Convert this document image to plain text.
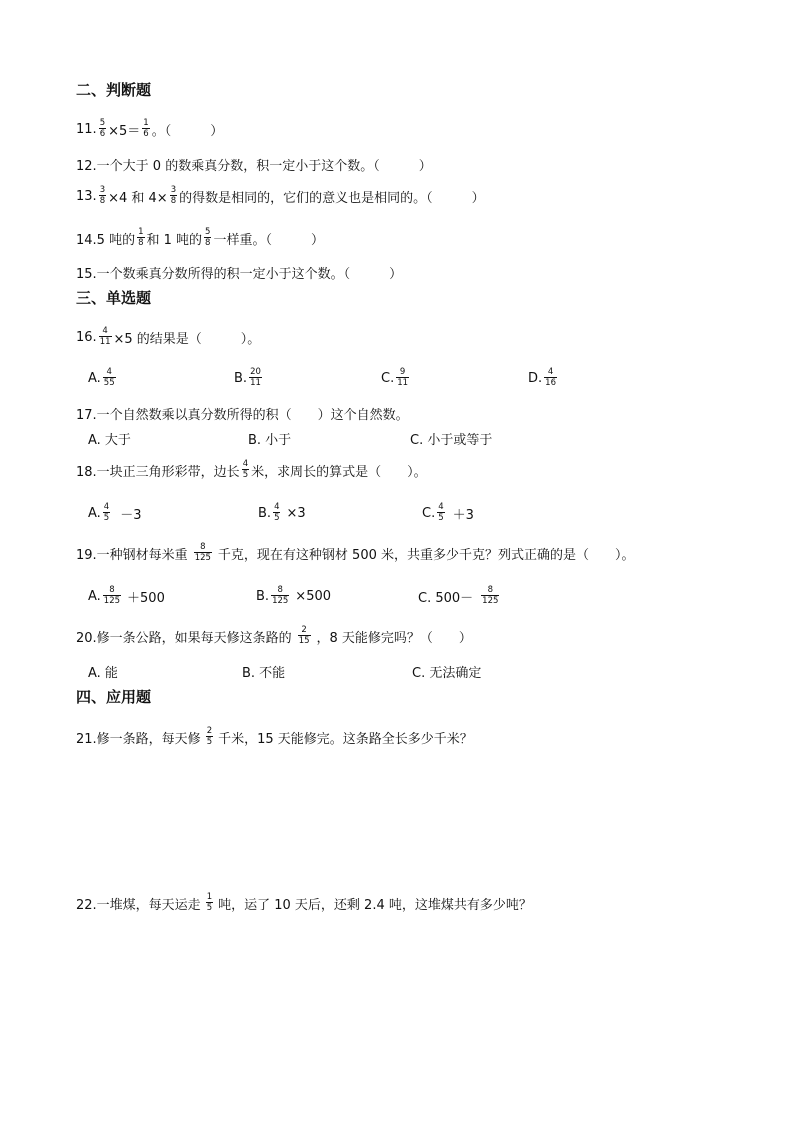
二、判断题
11. $\frac{5}{6} \times 5= \frac{1}{6}$ 。（　　　）
12.一个大于 0 的数乘真分数，积一定小于这个数。（　　　）
13. $\frac{3}{8} \times 4$ 和 $4\times \frac{3}{8}$ 的得数是相同的，它们的意义也是相同的。（　　　）
14.5 吨的 $\frac{1}{8}$ 和 1 吨的 $\frac{5}{8}$ 一样重。（　　　）
15.一个数乘真分数所得的积一定小于这个数。（　　　）
三、单选题
16. $\frac{4}{11} \times 5$ 的结果是（　　　）。
A. $\frac{4}{55}$	B. $\frac{20}{11}$	C. $\frac{9}{11}$	D. $\frac{4}{16}$
17.一个自然数乘以真分数所得的积（　　）这个自然数。
A. 大于	B. 小于	C. 小于或等于
18.一块正三角形彩带，边长 $\frac{4}{5}$ 米，求周长的算式是（　　）。
A. $\frac{4}{5} -3$	B. $\frac{4}{5} \times 3$	C. $\frac{4}{5} +3$
19.一种钢材每米重 $\frac{8}{125}$ 千克，现在有这种钢材 500 米，共重多少千克？列式正确的是（　　）。
A. $\frac{8}{125} +500$	B. $\frac{8}{125} \times 500$	C. $500- \frac{8}{125}$
20.修一条公路，如果每天修这条路的 $\frac{2}{15}$ ，8 天能修完吗？（　　）
A. 能	B. 不能	C. 无法确定
四、应用题
21.修一条路，每天修 $\frac{2}{5}$ 千米，15 天能修完。这条路全长多少千米？
22.一堆煤，每天运走 $\frac{1}{5}$ 吨，运了 10 天后，还剩 2.4 吨，这堆煤共有多少吨？
